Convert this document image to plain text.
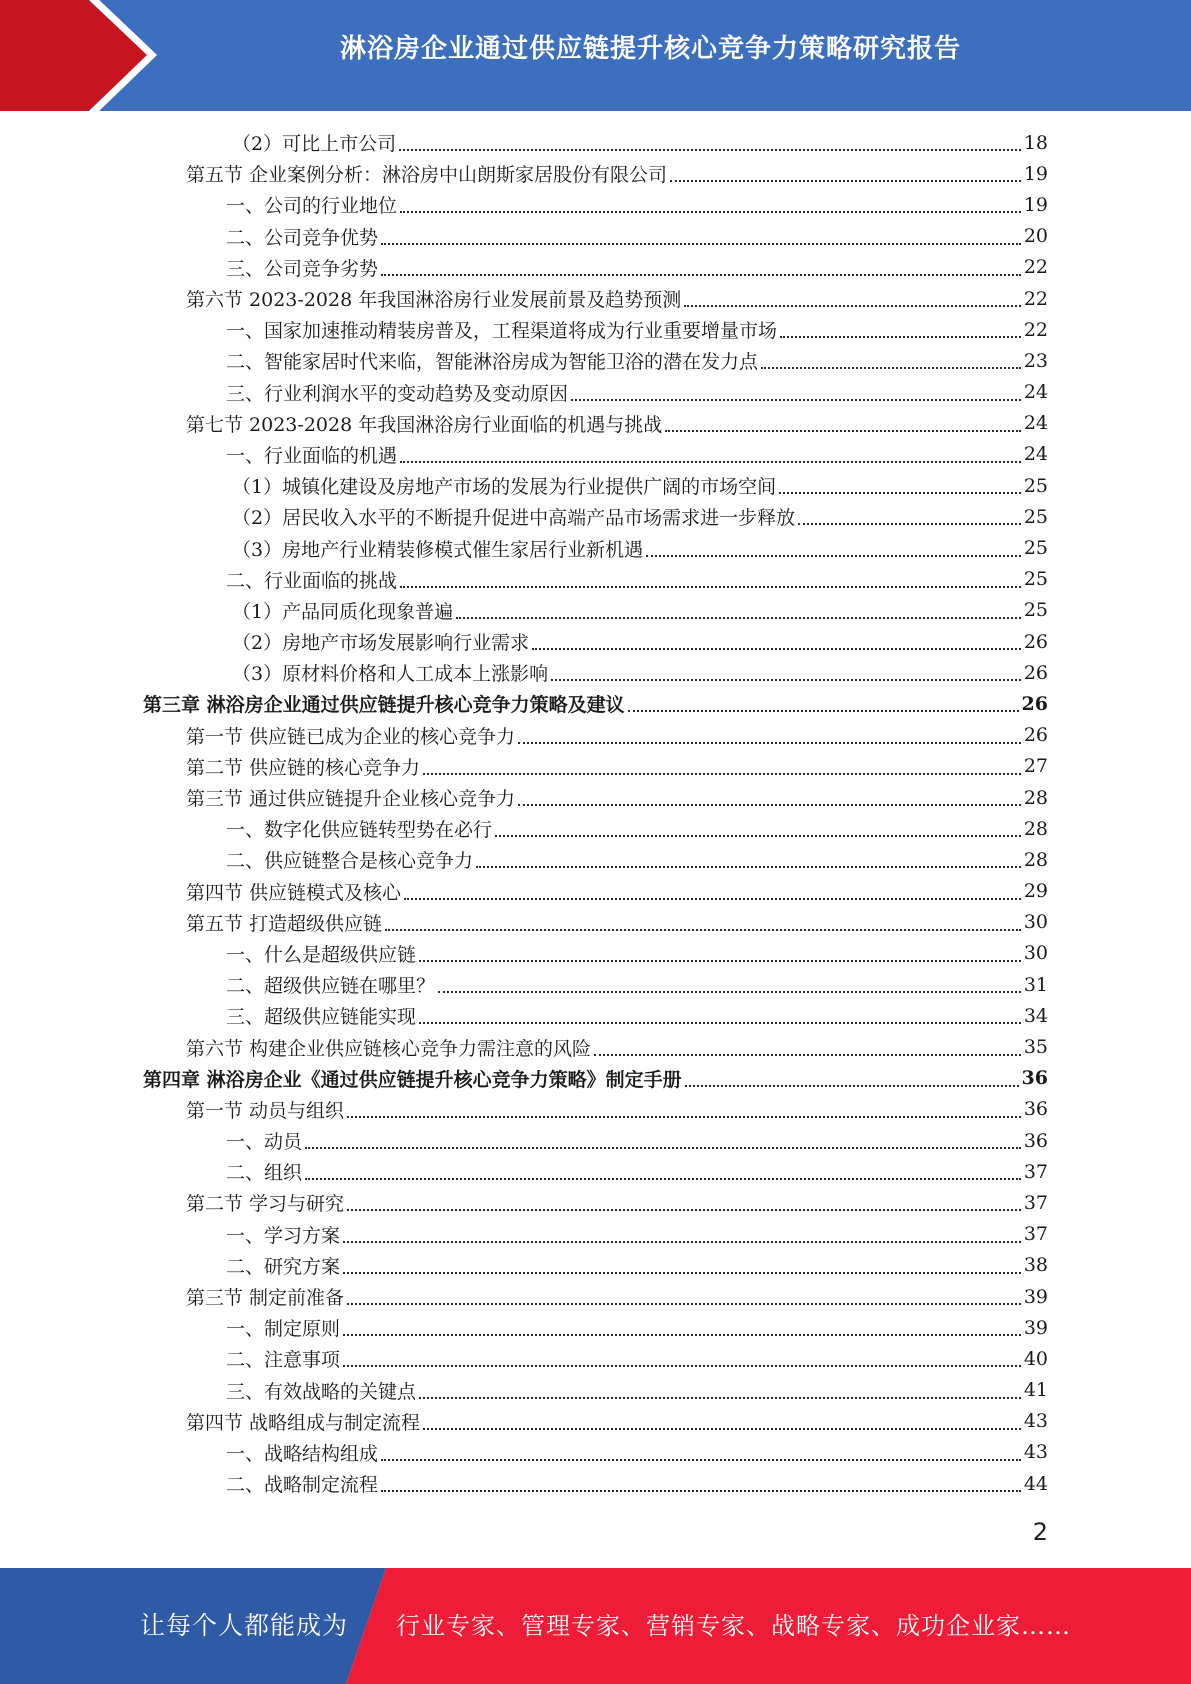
淋浴房企业通过供应链提升核心竞争力策略研究报告
（2）可比上市公司	18
第五节 企业案例分析：淋浴房中山朗斯家居股份有限公司	19
一、公司的行业地位	19
二、公司竞争优势	20
三、公司竞争劣势	22
第六节 2023-2028 年我国淋浴房行业发展前景及趋势预测	22
一、国家加速推动精装房普及，工程渠道将成为行业重要增量市场	22
二、智能家居时代来临，智能淋浴房成为智能卫浴的潜在发力点	23
三、行业利润水平的变动趋势及变动原因	24
第七节 2023-2028 年我国淋浴房行业面临的机遇与挑战	24
一、行业面临的机遇	24
（1）城镇化建设及房地产市场的发展为行业提供广阔的市场空间	25
（2）居民收入水平的不断提升促进中高端产品市场需求进一步释放	25
（3）房地产行业精装修模式催生家居行业新机遇	25
二、行业面临的挑战	25
（1）产品同质化现象普遍	25
（2）房地产市场发展影响行业需求	26
（3）原材料价格和人工成本上涨影响	26
第三章 淋浴房企业通过供应链提升核心竞争力策略及建议	26
第一节 供应链已成为企业的核心竞争力	26
第二节 供应链的核心竞争力	27
第三节 通过供应链提升企业核心竞争力	28
一、数字化供应链转型势在必行	28
二、供应链整合是核心竞争力	28
第四节 供应链模式及核心	29
第五节 打造超级供应链	30
一、什么是超级供应链	30
二、超级供应链在哪里？	31
三、超级供应链能实现	34
第六节 构建企业供应链核心竞争力需注意的风险	35
第四章 淋浴房企业《通过供应链提升核心竞争力策略》制定手册	36
第一节 动员与组织	36
一、动员	36
二、组织	37
第二节 学习与研究	37
一、学习方案	37
二、研究方案	38
第三节 制定前准备	39
一、制定原则	39
二、注意事项	40
三、有效战略的关键点	41
第四节 战略组成与制定流程	43
一、战略结构组成	43
二、战略制定流程	44
2
让每个人都能成为 行业专家、管理专家、营销专家、战略专家、成功企业家……
